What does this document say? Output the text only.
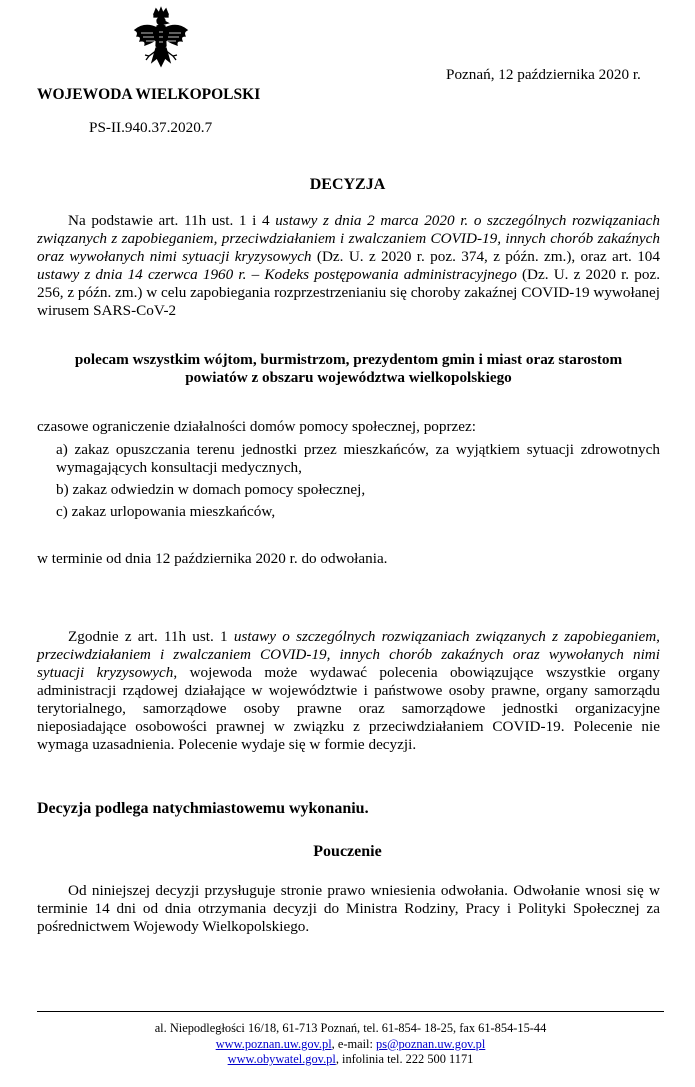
WOJEWODA WIELKOPOLSKI
Poznań, 12 października 2020 r.
PS-II.940.37.2020.7
DECYZJA

Na podstawie art. 11h ust. 1 i 4 ustawy z dnia 2 marca 2020 r. o szczególnych rozwiązaniach związanych z zapobieganiem, przeciwdziałaniem i zwalczaniem COVID-19, innych chorób zakaźnych oraz wywołanych nimi sytuacji kryzysowych (Dz. U. z 2020 r. poz. 374, z późn. zm.), oraz art. 104 ustawy z dnia 14 czerwca 1960 r. – Kodeks postępowania administracyjnego (Dz. U. z 2020 r. poz. 256, z późn. zm.) w celu zapobiegania rozprzestrzenianiu się choroby zakaźnej COVID-19 wywołanej wirusem SARS-CoV-2

polecam wszystkim wójtom, burmistrzom, prezydentom gmin i miast oraz starostom
powiatów z obszaru województwa wielkopolskiego

czasowe ograniczenie działalności domów pomocy społecznej, poprzez:

a) zakaz opuszczania terenu jednostki przez mieszkańców, za wyjątkiem sytuacji zdrowotnych wymagających konsultacji medycznych,
b) zakaz odwiedzin w domach pomocy społecznej,
c) zakaz urlopowania mieszkańców,

w terminie od dnia 12 października 2020 r. do odwołania.

Zgodnie z art. 11h ust. 1 ustawy o szczególnych rozwiązaniach związanych z zapobieganiem, przeciwdziałaniem i zwalczaniem COVID-19, innych chorób zakaźnych oraz wywołanych nimi sytuacji kryzysowych, wojewoda może wydawać polecenia obowiązujące wszystkie organy administracji rządowej działające w województwie i państwowe osoby prawne, organy samorządu terytorialnego, samorządowe osoby prawne oraz samorządowe jednostki organizacyjne nieposiadające osobowości prawnej w związku z przeciwdziałaniem COVID-19. Polecenie nie wymaga uzasadnienia. Polecenie wydaje się w formie decyzji.

Decyzja podlega natychmiastowemu wykonaniu.
Pouczenie

Od niniejszej decyzji przysługuje stronie prawo wniesienia odwołania. Odwołanie wnosi się w terminie 14 dni od dnia otrzymania decyzji do Ministra Rodziny, Pracy i Polityki Społecznej za pośrednictwem Wojewody Wielkopolskiego.

al. Niepodległości 16/18, 61-713 Poznań, tel. 61-854- 18-25, fax 61-854-15-44
www.poznan.uw.gov.pl, e-mail: ps@poznan.uw.gov.pl
www.obywatel.gov.pl, infolinia tel. 222 500 1171
